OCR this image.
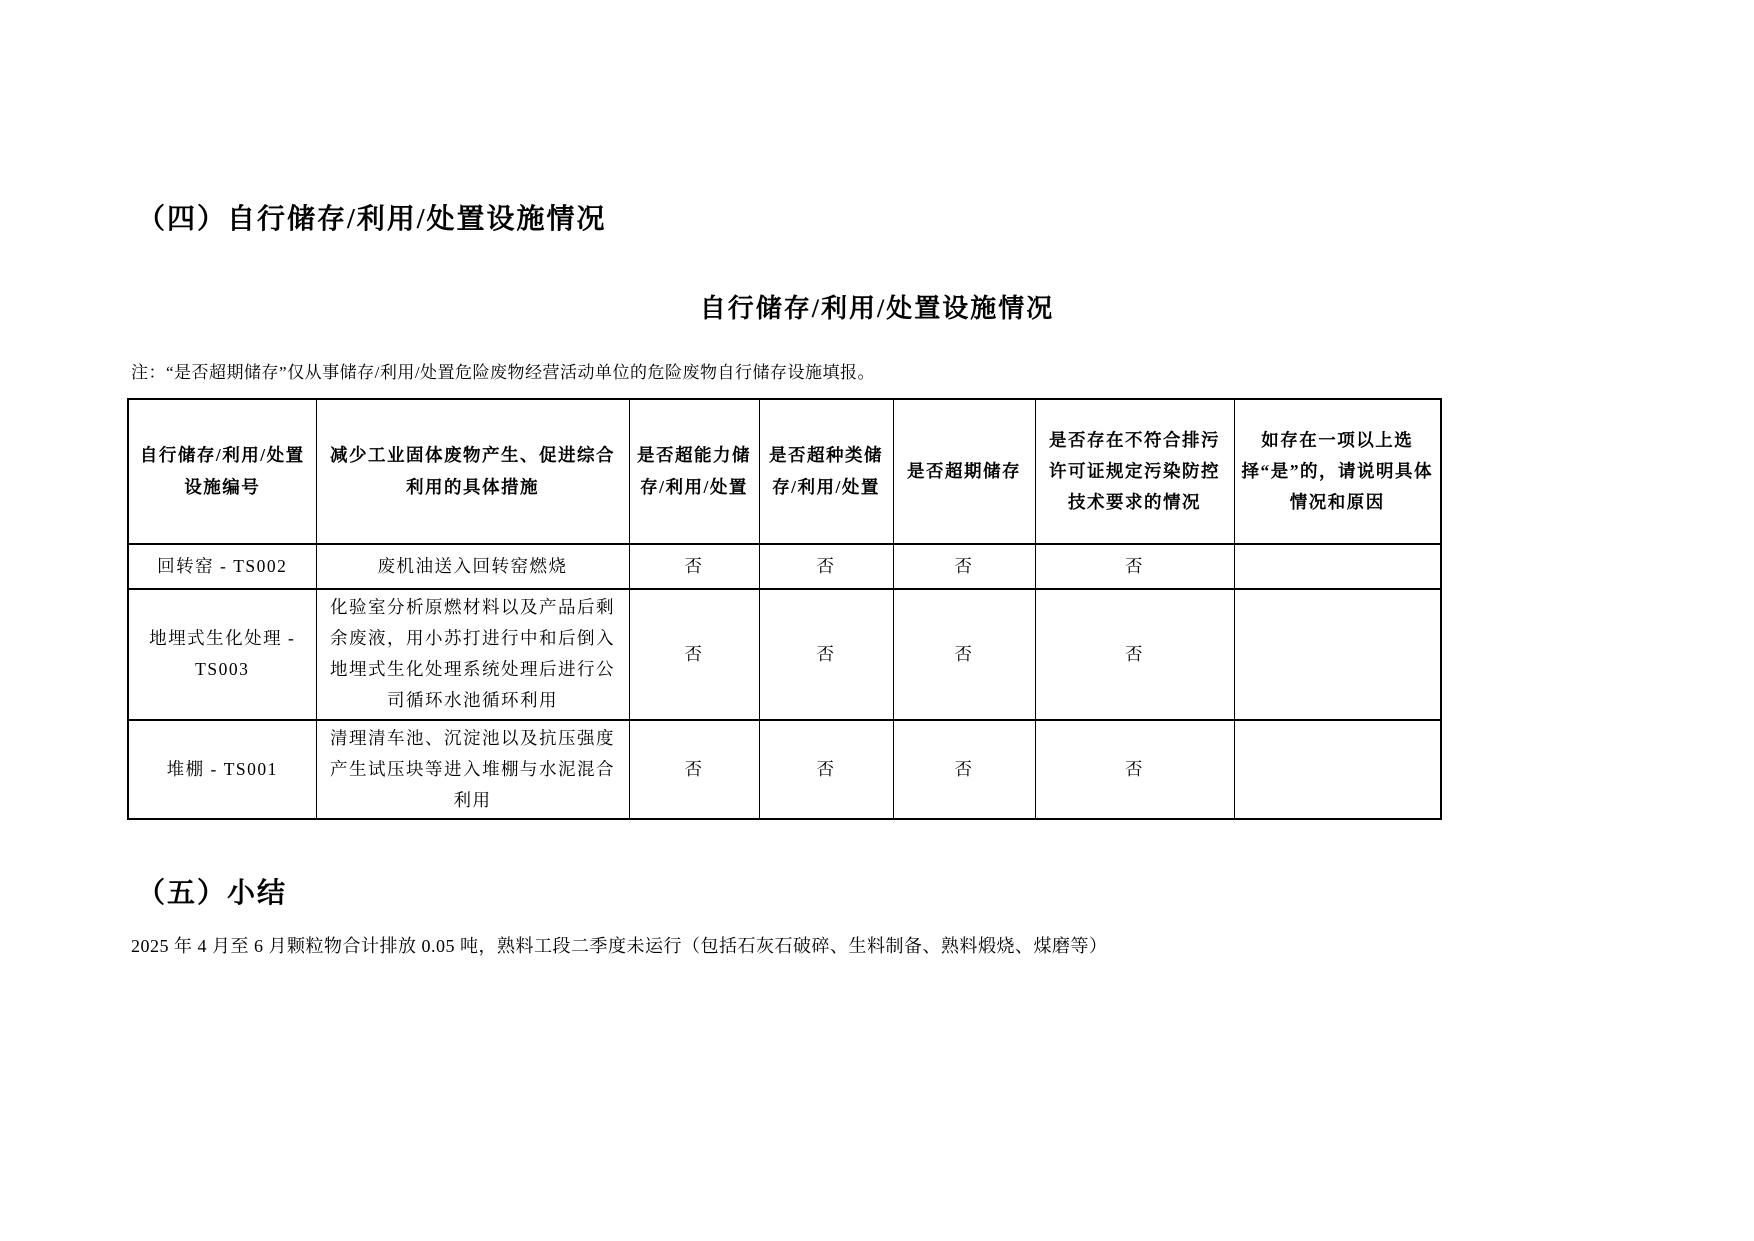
（四）自行储存/利用/处置设施情况
自行储存/利用/处置设施情况
注：“是否超期储存”仅从事储存/利用/处置危险废物经营活动单位的危险废物自行储存设施填报。
自行储存/利用/处置设施编号	减少工业固体废物产生、促进综合利用的具体措施	是否超能力储存/利用/处置	是否超种类储存/利用/处置	是否超期储存	是否存在不符合排污许可证规定污染防控技术要求的情况	如存在一项以上选择“是”的，请说明具体情况和原因
回转窑 - TS002	废机油送入回转窑燃烧	否	否	否	否	
地埋式生化处理 - TS003	化验室分析原燃材料以及产品后剩余废液，用小苏打进行中和后倒入地埋式生化处理系统处理后进行公司循环水池循环利用	否	否	否	否	
堆棚 - TS001	清理清车池、沉淀池以及抗压强度产生试压块等进入堆棚与水泥混合利用	否	否	否	否	
（五）小结
2025 年 4 月至 6 月颗粒物合计排放 0.05 吨，熟料工段二季度未运行（包括石灰石破碎、生料制备、熟料煅烧、煤磨等）
